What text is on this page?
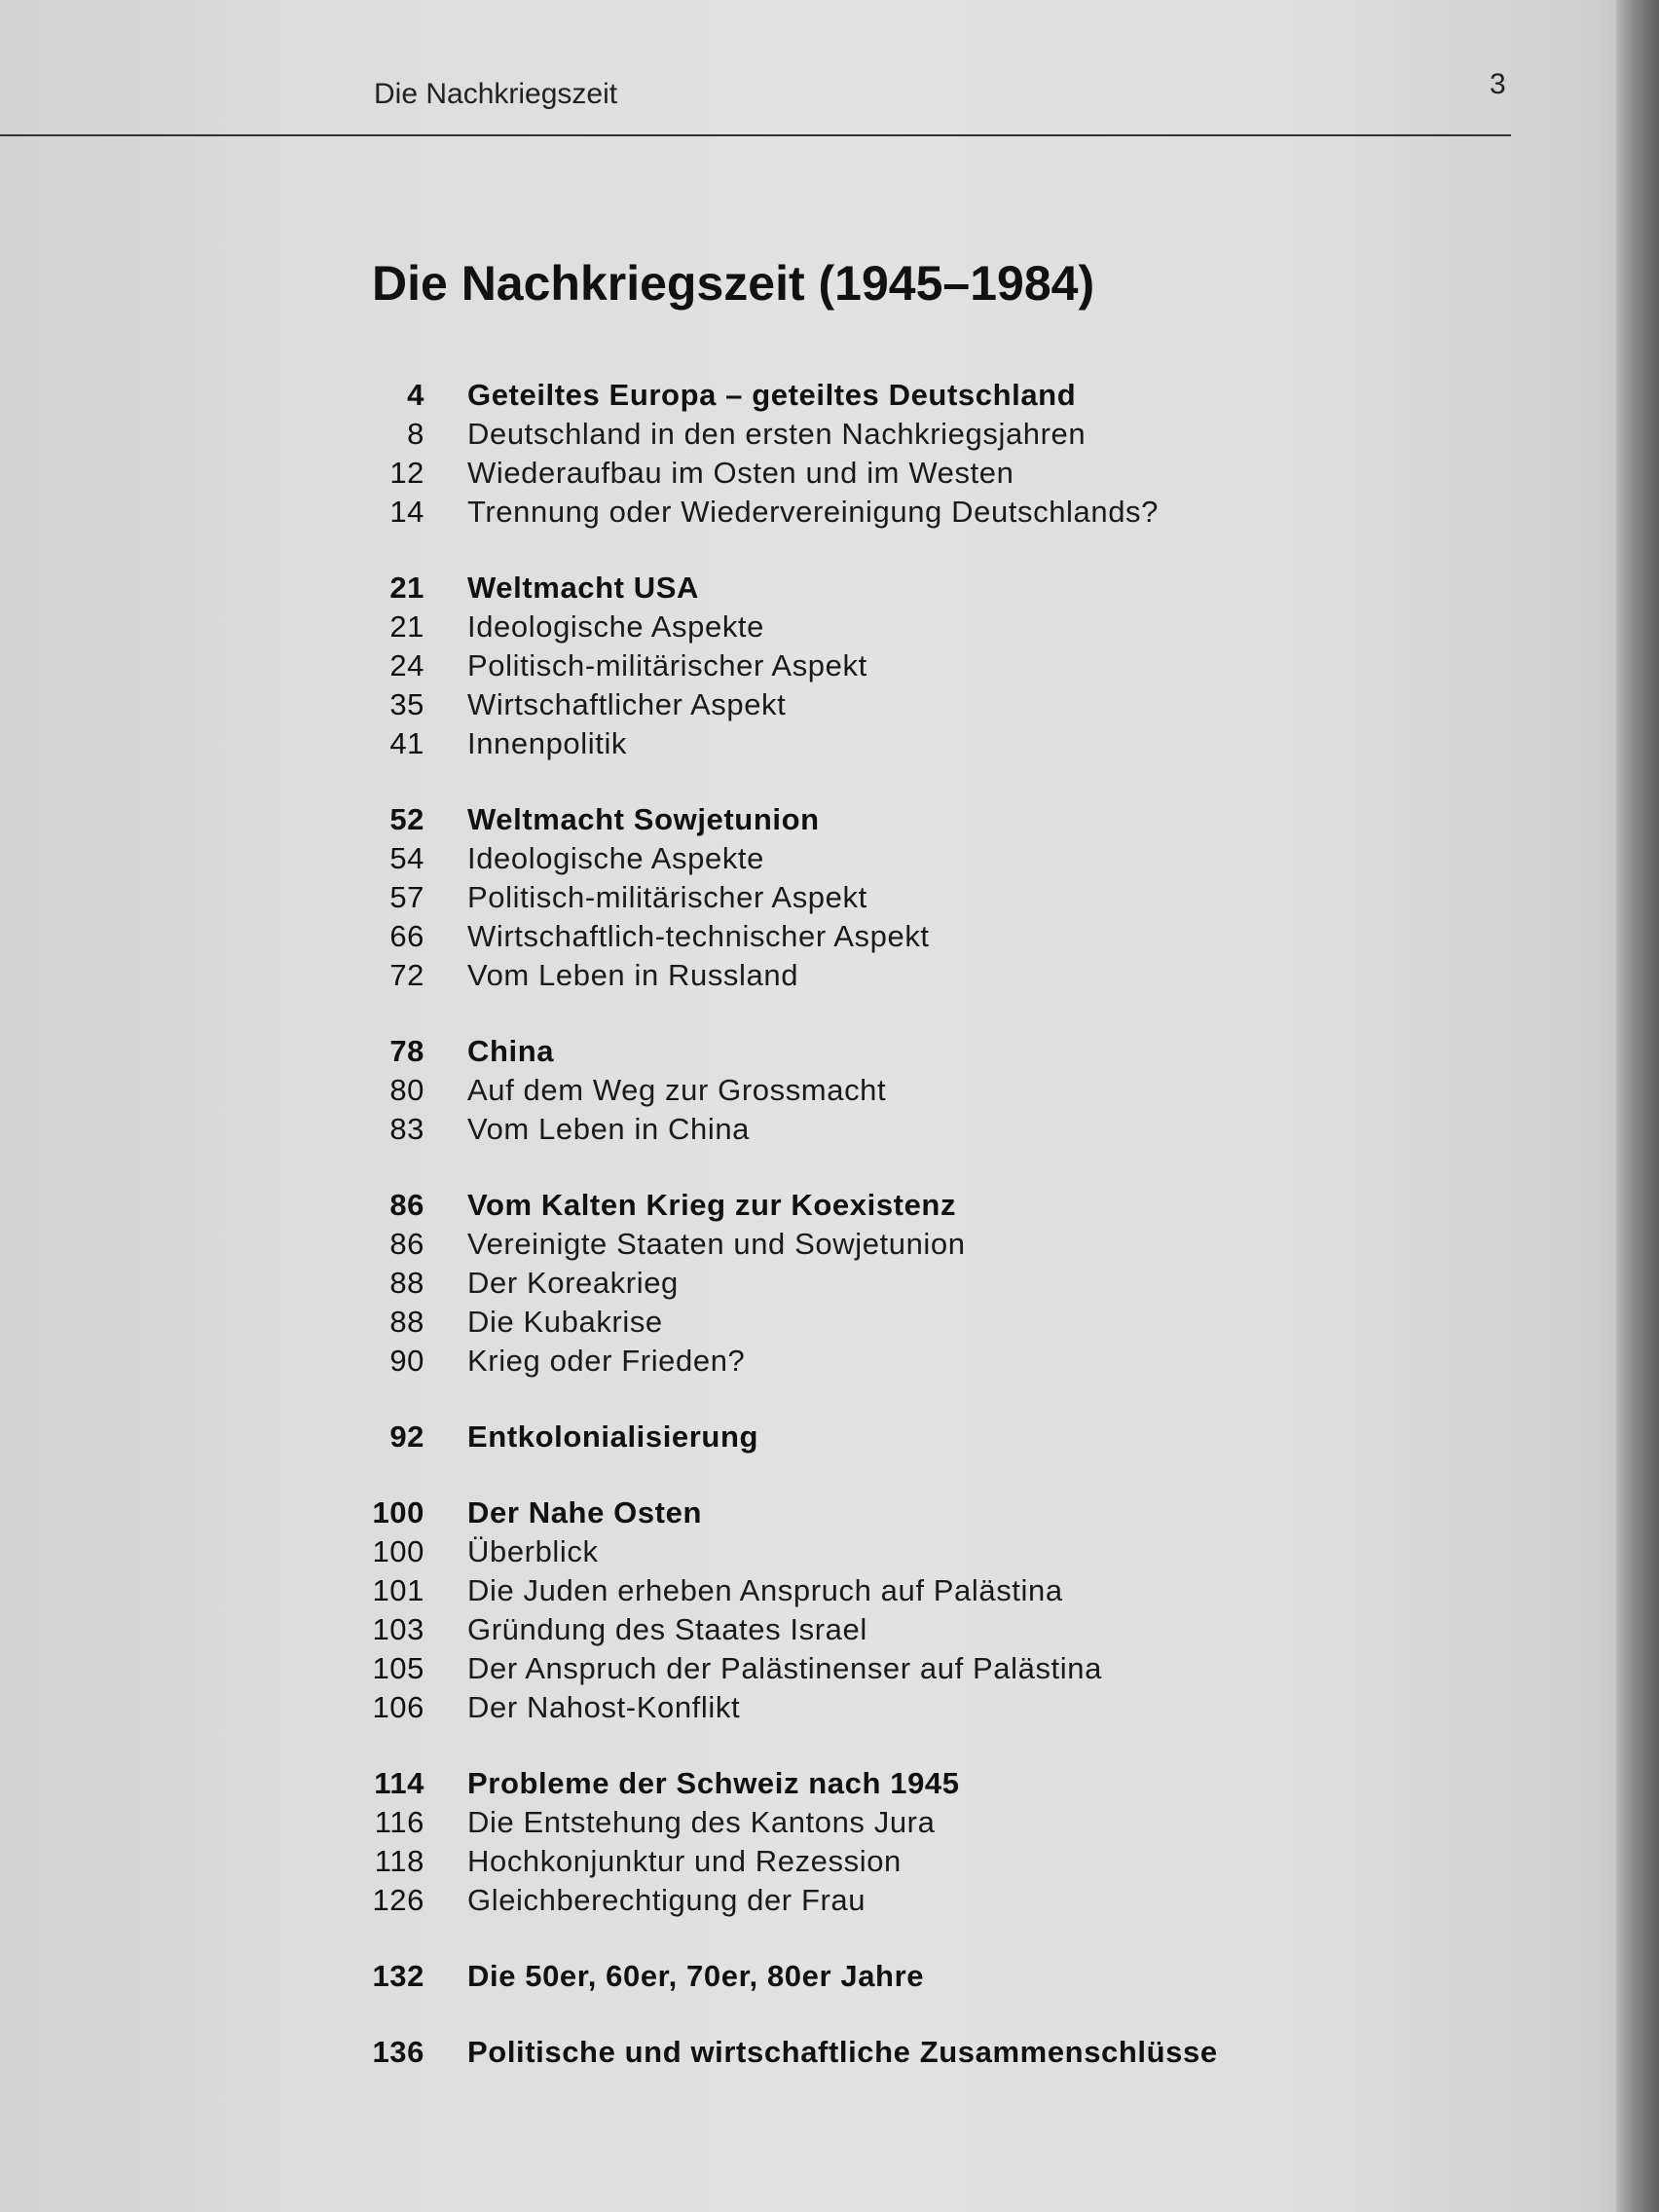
Die Nachkriegszeit	3
Die Nachkriegszeit (1945–1984)
4 Geteiltes Europa – geteiltes Deutschland
8 Deutschland in den ersten Nachkriegsjahren
12 Wiederaufbau im Osten und im Westen
14 Trennung oder Wiedervereinigung Deutschlands?
21 Weltmacht USA
21 Ideologische Aspekte
24 Politisch-militärischer Aspekt
35 Wirtschaftlicher Aspekt
41 Innenpolitik
52 Weltmacht Sowjetunion
54 Ideologische Aspekte
57 Politisch-militärischer Aspekt
66 Wirtschaftlich-technischer Aspekt
72 Vom Leben in Russland
78 China
80 Auf dem Weg zur Grossmacht
83 Vom Leben in China
86 Vom Kalten Krieg zur Koexistenz
86 Vereinigte Staaten und Sowjetunion
88 Der Koreakrieg
88 Die Kubakrise
90 Krieg oder Frieden?
92 Entkolonialisierung
100 Der Nahe Osten
100 Überblick
101 Die Juden erheben Anspruch auf Palästina
103 Gründung des Staates Israel
105 Der Anspruch der Palästinenser auf Palästina
106 Der Nahost-Konflikt
114 Probleme der Schweiz nach 1945
116 Die Entstehung des Kantons Jura
118 Hochkonjunktur und Rezession
126 Gleichberechtigung der Frau
132 Die 50er, 60er, 70er, 80er Jahre
136 Politische und wirtschaftliche Zusammenschlüsse
